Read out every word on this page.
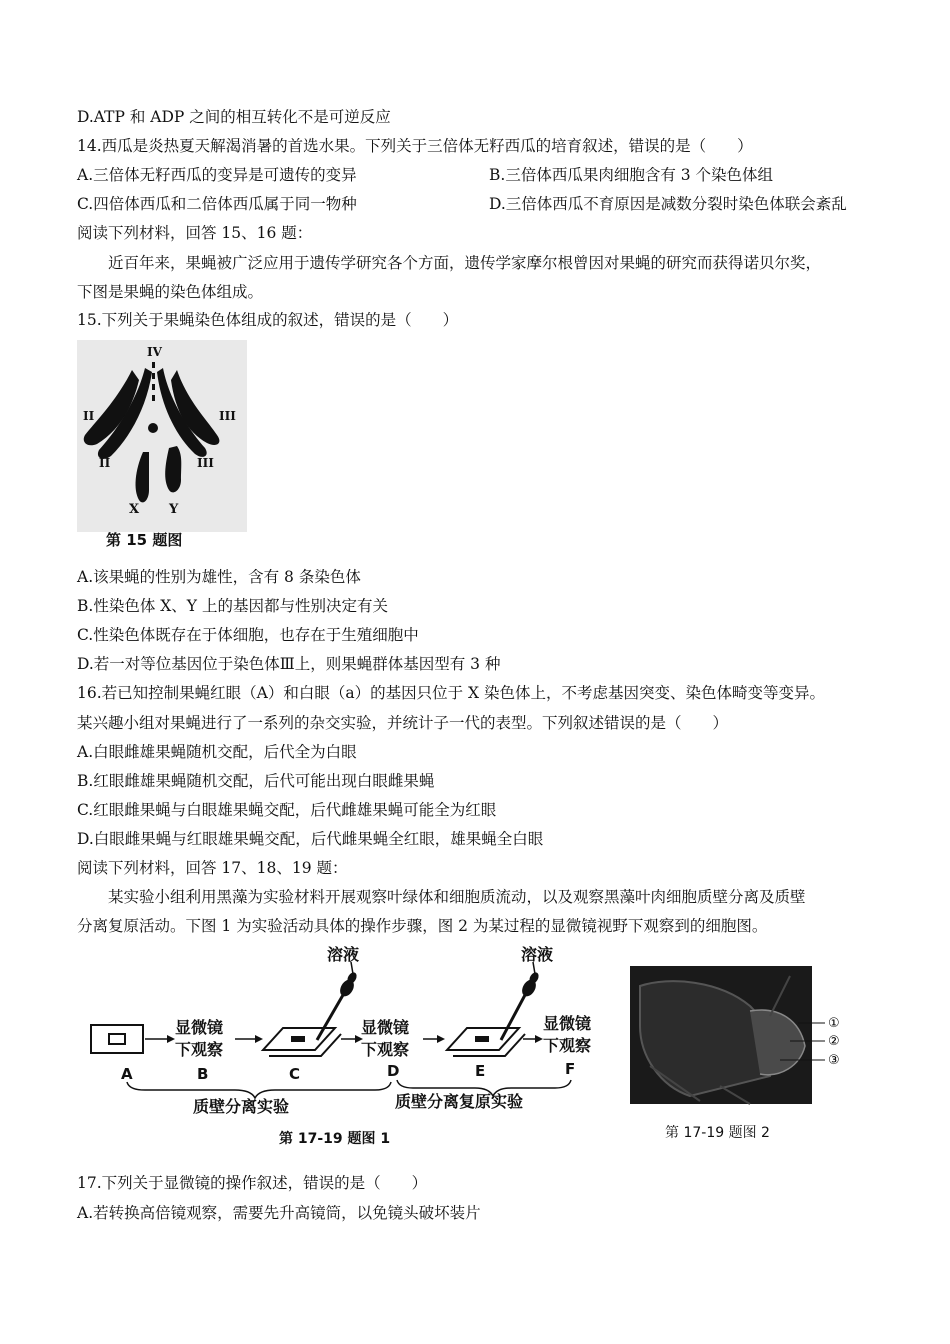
D.ATP 和 ADP 之间的相互转化不是可逆反应
14.西瓜是炎热夏天解渴消暑的首选水果。下列关于三倍体无籽西瓜的培育叙述，错误的是（　　）
A.三倍体无籽西瓜的变异是可遗传的变异	B.三倍体西瓜果肉细胞含有 3 个染色体组
C.四倍体西瓜和二倍体西瓜属于同一物种	D.三倍体西瓜不育原因是减数分裂时染色体联会紊乱
阅读下列材料，回答 15、16 题：
近百年来，果蝇被广泛应用于遗传学研究各个方面，遗传学家摩尔根曾因对果蝇的研究而获得诺贝尔奖，
下图是果蝇的染色体组成。
15.下列关于果蝇染色体组成的叙述，错误的是（　　）
IV
II	III
II	III
X Y
第 15 题图
A.该果蝇的性别为雄性，含有 8 条染色体
B.性染色体 X、Y 上的基因都与性别决定有关
C.性染色体既存在于体细胞，也存在于生殖细胞中
D.若一对等位基因位于染色体Ⅲ上，则果蝇群体基因型有 3 种
16.若已知控制果蝇红眼（A）和白眼（a）的基因只位于 X 染色体上，不考虑基因突变、染色体畸变等变异。
某兴趣小组对果蝇进行了一系列的杂交实验，并统计子一代的表型。下列叙述错误的是（　　）
A.白眼雌雄果蝇随机交配，后代全为白眼
B.红眼雌雄果蝇随机交配，后代可能出现白眼雌果蝇
C.红眼雌果蝇与白眼雄果蝇交配，后代雌雄果蝇可能全为红眼
D.白眼雌果蝇与红眼雄果蝇交配，后代雌果蝇全红眼，雄果蝇全白眼
阅读下列材料，回答 17、18、19 题：
某实验小组利用黑藻为实验材料开展观察叶绿体和细胞质流动，以及观察黑藻叶肉细胞质壁分离及质壁
分离复原活动。下图 1 为实验活动具体的操作步骤，图 2 为某过程的显微镜视野下观察到的细胞图。
显微镜
下观察
溶液
显微镜
下观察
溶液
显微镜
下观察
A	B	C	D	E	F
质壁分离实验	质壁分离复原实验
第 17-19 题图 1
①
②
③
第 17-19 题图 2
17.下列关于显微镜的操作叙述，错误的是（　　）
A.若转换高倍镜观察，需要先升高镜筒，以免镜头破坏装片
